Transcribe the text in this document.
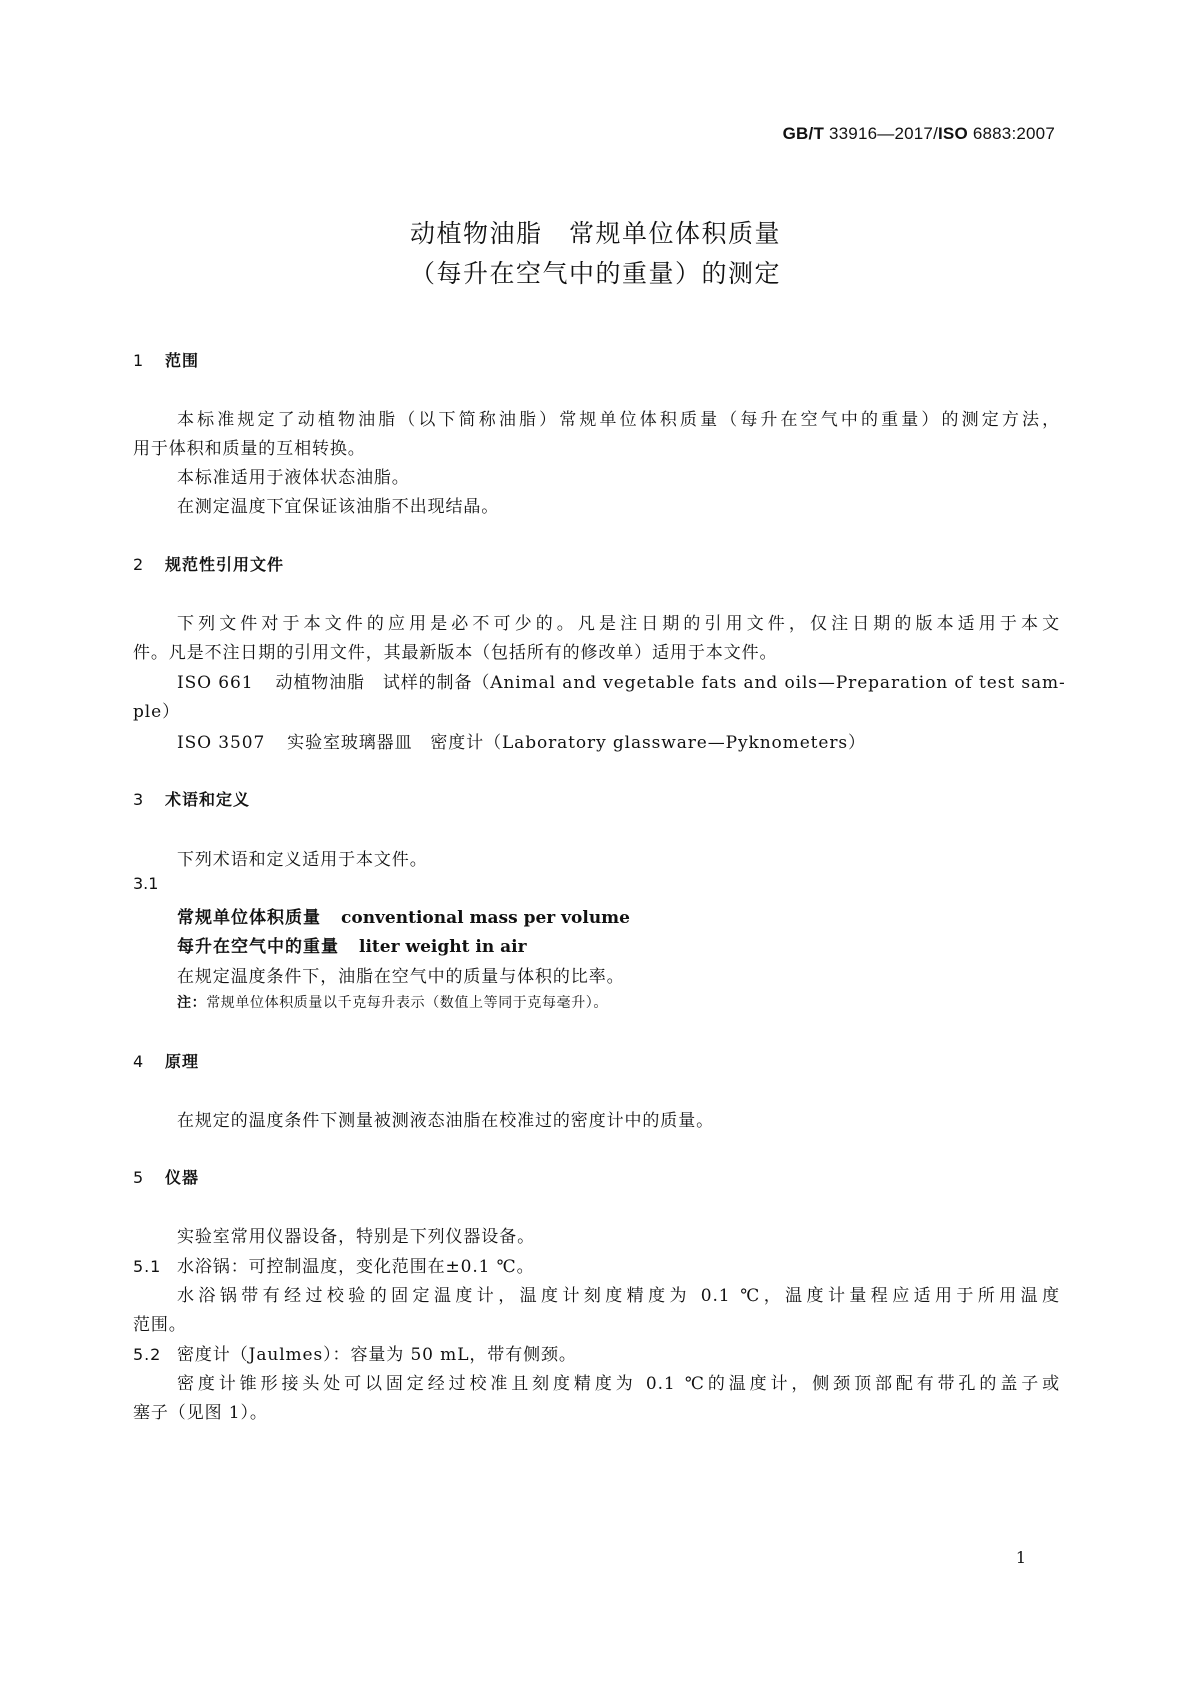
GB/T 33916—2017/ISO 6883:2007
动植物油脂　常规单位体积质量
（每升在空气中的重量）的测定
1 范围
本标准规定了动植物油脂（以下简称油脂）常规单位体积质量（每升在空气中的重量）的测定方法，
用于体积和质量的互相转换。
本标准适用于液体状态油脂。
在测定温度下宜保证该油脂不出现结晶。
2 规范性引用文件
下列文件对于本文件的应用是必不可少的。凡是注日期的引用文件，仅注日期的版本适用于本文
件。凡是不注日期的引用文件，其最新版本（包括所有的修改单）适用于本文件。
ISO 661 动植物油脂　试样的制备（Animal and vegetable fats and oils—Preparation of test sam-
ple）
ISO 3507 实验室玻璃器皿　密度计（Laboratory glassware—Pyknometers）
3 术语和定义
下列术语和定义适用于本文件。
3.1
常规单位体积质量 conventional mass per volume
每升在空气中的重量 liter weight in air
在规定温度条件下，油脂在空气中的质量与体积的比率。
注：常规单位体积质量以千克每升表示（数值上等同于克每毫升）。
4 原理
在规定的温度条件下测量被测液态油脂在校准过的密度计中的质量。
5 仪器
实验室常用仪器设备，特别是下列仪器设备。
5.1 水浴锅：可控制温度，变化范围在±0.1 ℃。
水浴锅带有经过校验的固定温度计，温度计刻度精度为 0.1 ℃，温度计量程应适用于所用温度
范围。
5.2 密度计（Jaulmes）：容量为 50 mL，带有侧颈。
密度计锥形接头处可以固定经过校准且刻度精度为 0.1 ℃的温度计，侧颈顶部配有带孔的盖子或
塞子（见图 1）。
1
